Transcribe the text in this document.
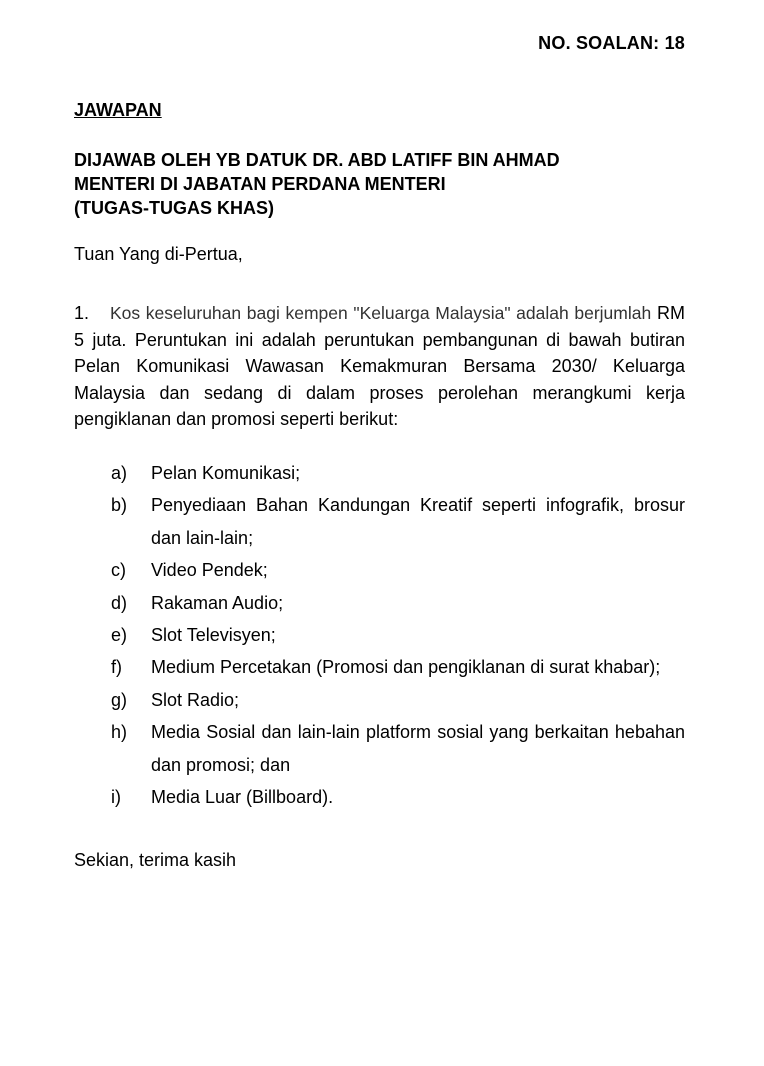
NO. SOALAN: 18
JAWAPAN
DIJAWAB OLEH YB DATUK DR. ABD LATIFF BIN AHMAD
MENTERI DI JABATAN PERDANA MENTERI
(TUGAS-TUGAS KHAS)
Tuan Yang di-Pertua,
1. Kos keseluruhan bagi kempen "Keluarga Malaysia" adalah berjumlah RM 5 juta. Peruntukan ini adalah peruntukan pembangunan di bawah butiran Pelan Komunikasi Wawasan Kemakmuran Bersama 2030/ Keluarga Malaysia dan sedang di dalam proses perolehan merangkumi kerja pengiklanan dan promosi seperti berikut:
a)	Pelan Komunikasi;
b)	Penyediaan Bahan Kandungan Kreatif seperti infografik, brosur dan lain-lain;
c)	Video Pendek;
d)	Rakaman Audio;
e)	Slot Televisyen;
f)	Medium Percetakan (Promosi dan pengiklanan di surat khabar);
g)	Slot Radio;
h)	Media Sosial dan lain-lain platform sosial yang berkaitan hebahan dan promosi; dan
i)	Media Luar (Billboard).
Sekian, terima kasih
